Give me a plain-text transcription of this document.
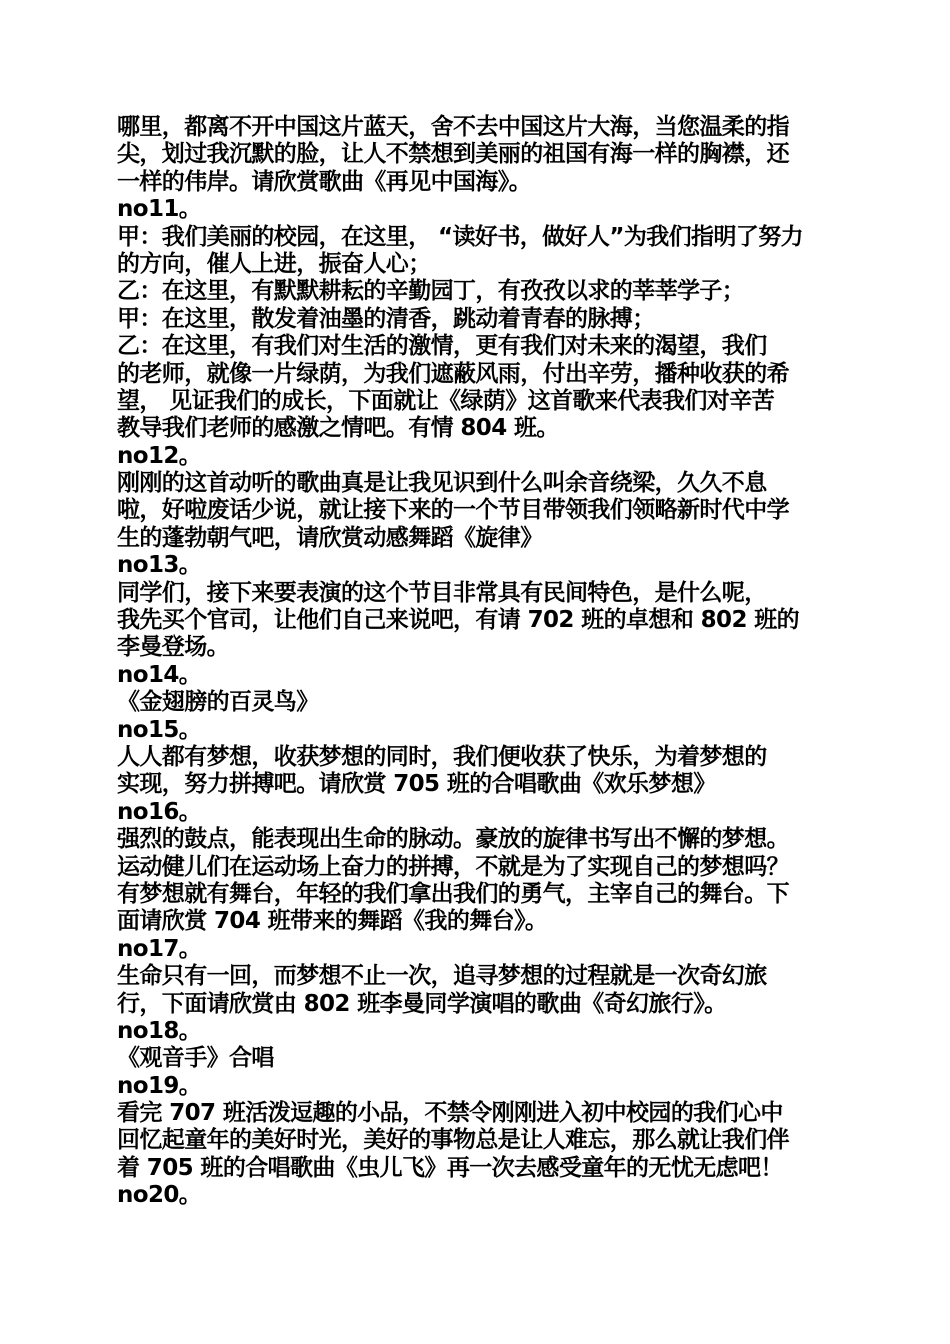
哪里，都离不开中国这片蓝天，舍不去中国这片大海，当您温柔的指
尖，划过我沉默的脸，让人不禁想到美丽的祖国有海一样的胸襟，还
一样的伟岸。请欣赏歌曲《再见中国海》。
no11。
甲：我们美丽的校园，在这里， “读好书，做好人”为我们指明了努力
的方向，催人上进，振奋人心；
乙：在这里，有默默耕耘的辛勤园丁，有孜孜以求的莘莘学子；
甲：在这里，散发着油墨的清香，跳动着青春的脉搏；
乙：在这里，有我们对生活的激情，更有我们对未来的渴望，我们
的老师，就像一片绿荫，为我们遮蔽风雨，付出辛劳，播种收获的希
望， 见证我们的成长，下面就让《绿荫》这首歌来代表我们对辛苦
教导我们老师的感激之情吧。有情 804 班。
no12。
刚刚的这首动听的歌曲真是让我见识到什么叫余音绕梁，久久不息
啦，好啦废话少说，就让接下来的一个节目带领我们领略新时代中学
生的蓬勃朝气吧，请欣赏动感舞蹈《旋律》
no13。
同学们，接下来要表演的这个节目非常具有民间特色，是什么呢，
我先买个官司，让他们自己来说吧，有请 702 班的卓想和 802 班的
李曼登场。
no14。
《金翅膀的百灵鸟》
no15。
人人都有梦想，收获梦想的同时，我们便收获了快乐，为着梦想的
实现，努力拼搏吧。请欣赏 705 班的合唱歌曲《欢乐梦想》
no16。
强烈的鼓点，能表现出生命的脉动。豪放的旋律书写出不懈的梦想。
运动健儿们在运动场上奋力的拼搏，不就是为了实现自己的梦想吗？
有梦想就有舞台，年轻的我们拿出我们的勇气，主宰自己的舞台。下
面请欣赏 704 班带来的舞蹈《我的舞台》。
no17。
生命只有一回，而梦想不止一次，追寻梦想的过程就是一次奇幻旅
行，下面请欣赏由 802 班李曼同学演唱的歌曲《奇幻旅行》。
no18。
《观音手》合唱
no19。
看完 707 班活泼逗趣的小品，不禁令刚刚进入初中校园的我们心中
回忆起童年的美好时光，美好的事物总是让人难忘，那么就让我们伴
着 705 班的合唱歌曲《虫儿飞》再一次去感受童年的无忧无虑吧！
no20。
